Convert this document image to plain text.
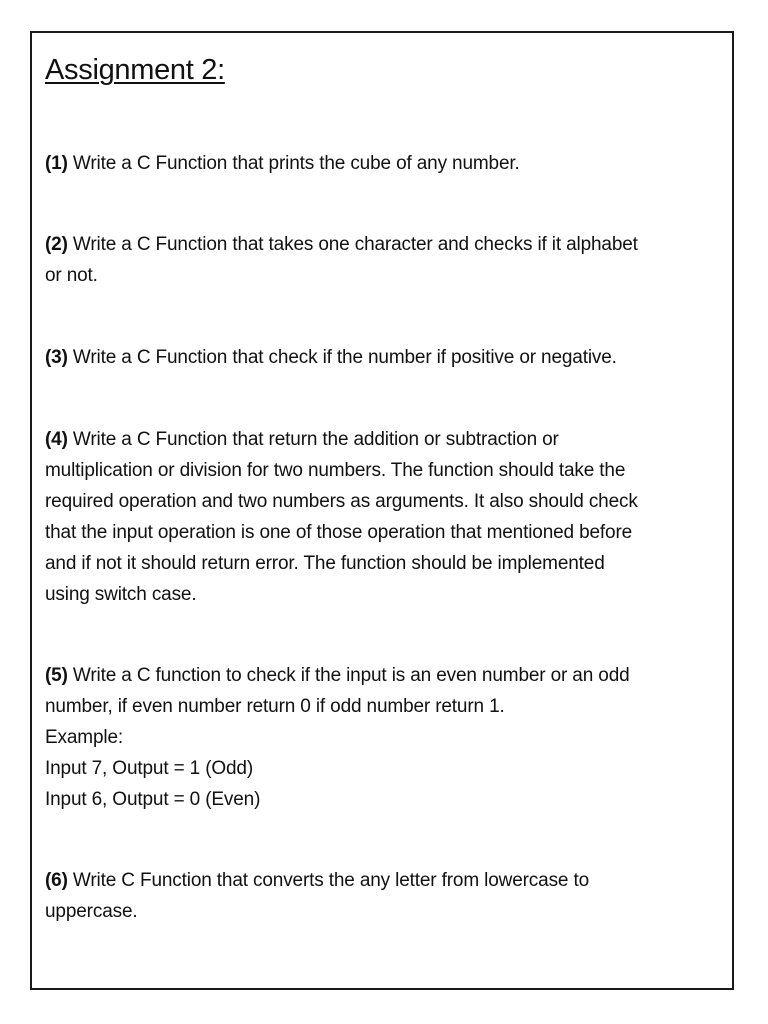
Assignment 2:
(1) Write a C Function that prints the cube of any number.
(2) Write a C Function that takes one character and checks if it alphabet
or not.
(3) Write a C Function that check if the number if positive or negative.
(4) Write a C Function that return the addition or subtraction or
multiplication or division for two numbers. The function should take the
required operation and two numbers as arguments. It also should check
that the input operation is one of those operation that mentioned before
and if not it should return error. The function should be implemented
using switch case.
(5) Write a C function to check if the input is an even number or an odd
number, if even number return 0 if odd number return 1.
Example:
Input 7, Output = 1 (Odd)
Input 6, Output = 0 (Even)
(6) Write C Function that converts the any letter from lowercase to
uppercase.
